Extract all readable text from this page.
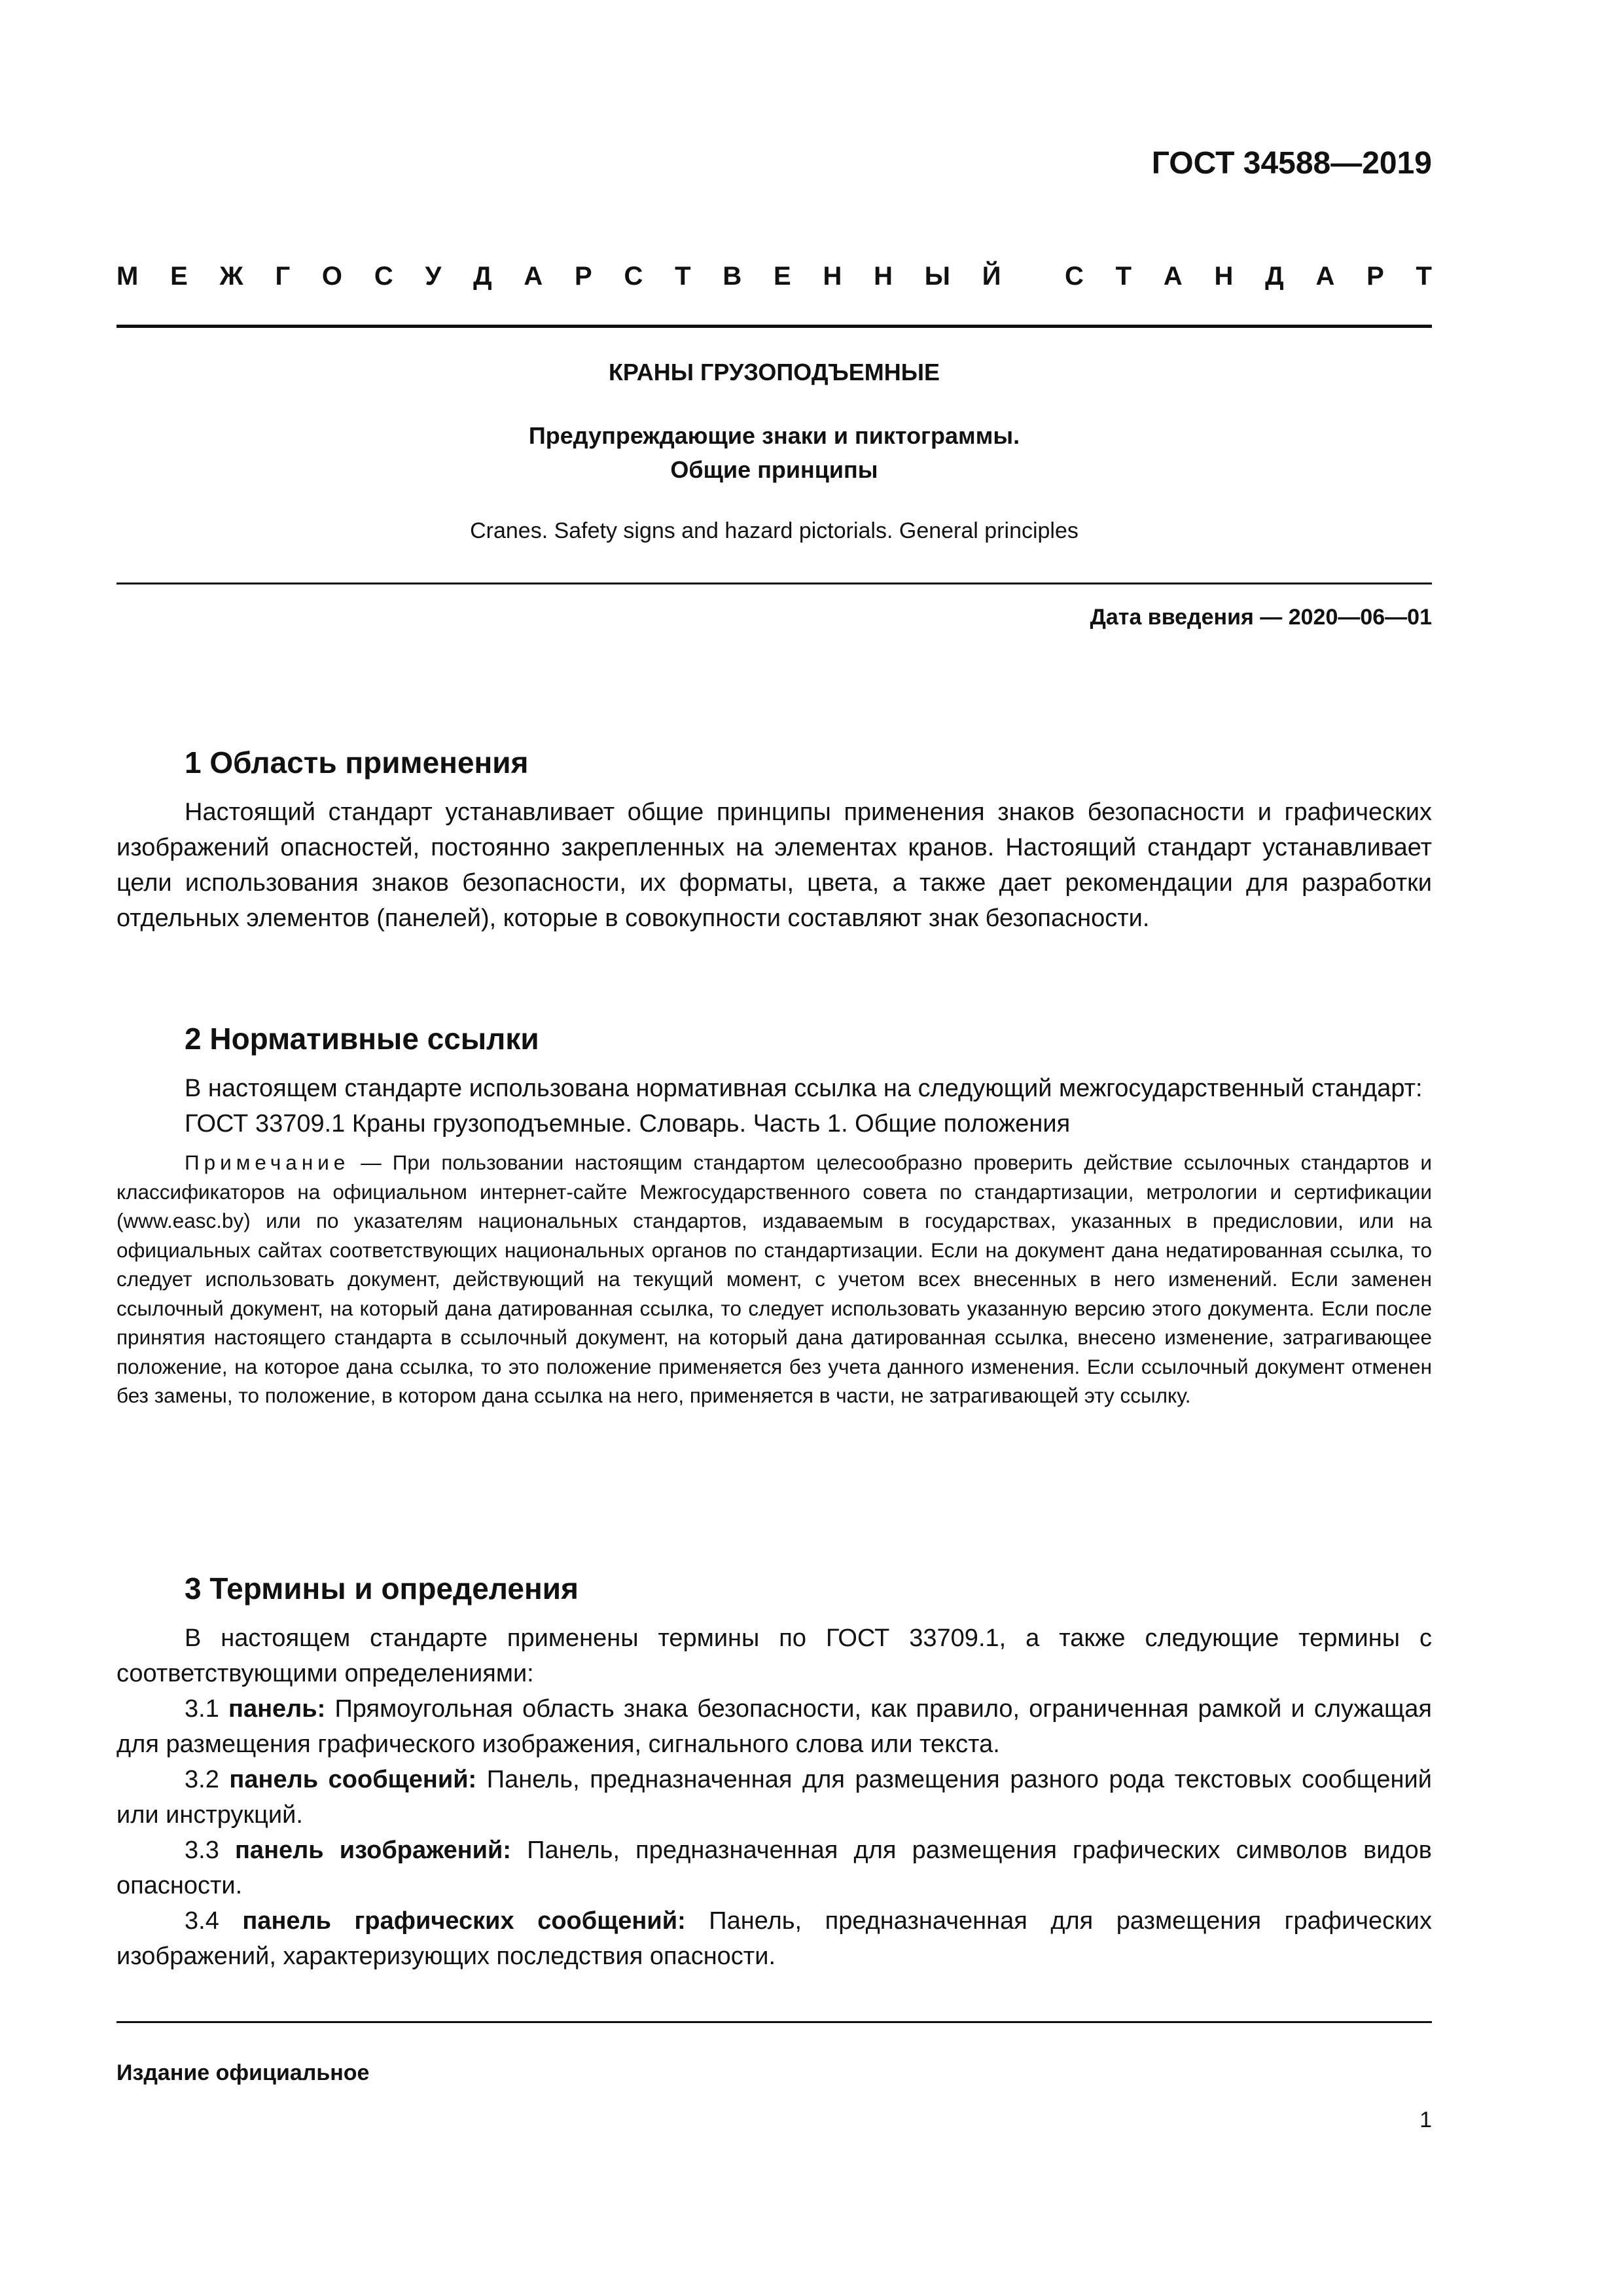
ГОСТ 34588—2019
М Е Ж Г О С У Д А Р С Т В Е Н Н Ы Й С Т А Н Д А Р Т
КРАНЫ ГРУЗОПОДЪЕМНЫЕ
Предупреждающие знаки и пиктограммы.
Общие принципы
Cranes. Safety signs and hazard pictorials. General principles
Дата введения — 2020—06—01
1 Область применения

Настоящий стандарт устанавливает общие принципы применения знаков безопасности и графических изображений опасностей, постоянно закрепленных на элементах кранов. Настоящий стандарт устанавливает цели использования знаков безопасности, их форматы, цвета, а также дает рекомендации для разработки отдельных элементов (панелей), которые в совокупности составляют знак безопасности.

2 Нормативные ссылки

В настоящем стандарте использована нормативная ссылка на следующий межгосударственный стандарт:

ГОСТ 33709.1 Краны грузоподъемные. Словарь. Часть 1. Общие положения

Примечание — При пользовании настоящим стандартом целесообразно проверить действие ссылочных стандартов и классификаторов на официальном интернет-сайте Межгосударственного совета по стандартизации, метрологии и сертификации (www.easc.by) или по указателям национальных стандартов, издаваемым в государствах, указанных в предисловии, или на официальных сайтах соответствующих национальных органов по стандартизации. Если на документ дана недатированная ссылка, то следует использовать документ, действующий на текущий момент, с учетом всех внесенных в него изменений. Если заменен ссылочный документ, на который дана датированная ссылка, то следует использовать указанную версию этого документа. Если после принятия настоящего стандарта в ссылочный документ, на который дана датированная ссылка, внесено изменение, затрагивающее положение, на которое дана ссылка, то это положение применяется без учета данного изменения. Если ссылочный документ отменен без замены, то положение, в котором дана ссылка на него, применяется в части, не затрагивающей эту ссылку.

3 Термины и определения

В настоящем стандарте применены термины по ГОСТ 33709.1, а также следующие термины с соответствующими определениями:

3.1 панель: Прямоугольная область знака безопасности, как правило, ограниченная рамкой и служащая для размещения графического изображения, сигнального слова или текста.

3.2 панель сообщений: Панель, предназначенная для размещения разного рода текстовых сообщений или инструкций.

3.3 панель изображений: Панель, предназначенная для размещения графических символов видов опасности.

3.4 панель графических сообщений: Панель, предназначенная для размещения графических изображений, характеризующих последствия опасности.

Издание официальное
1
